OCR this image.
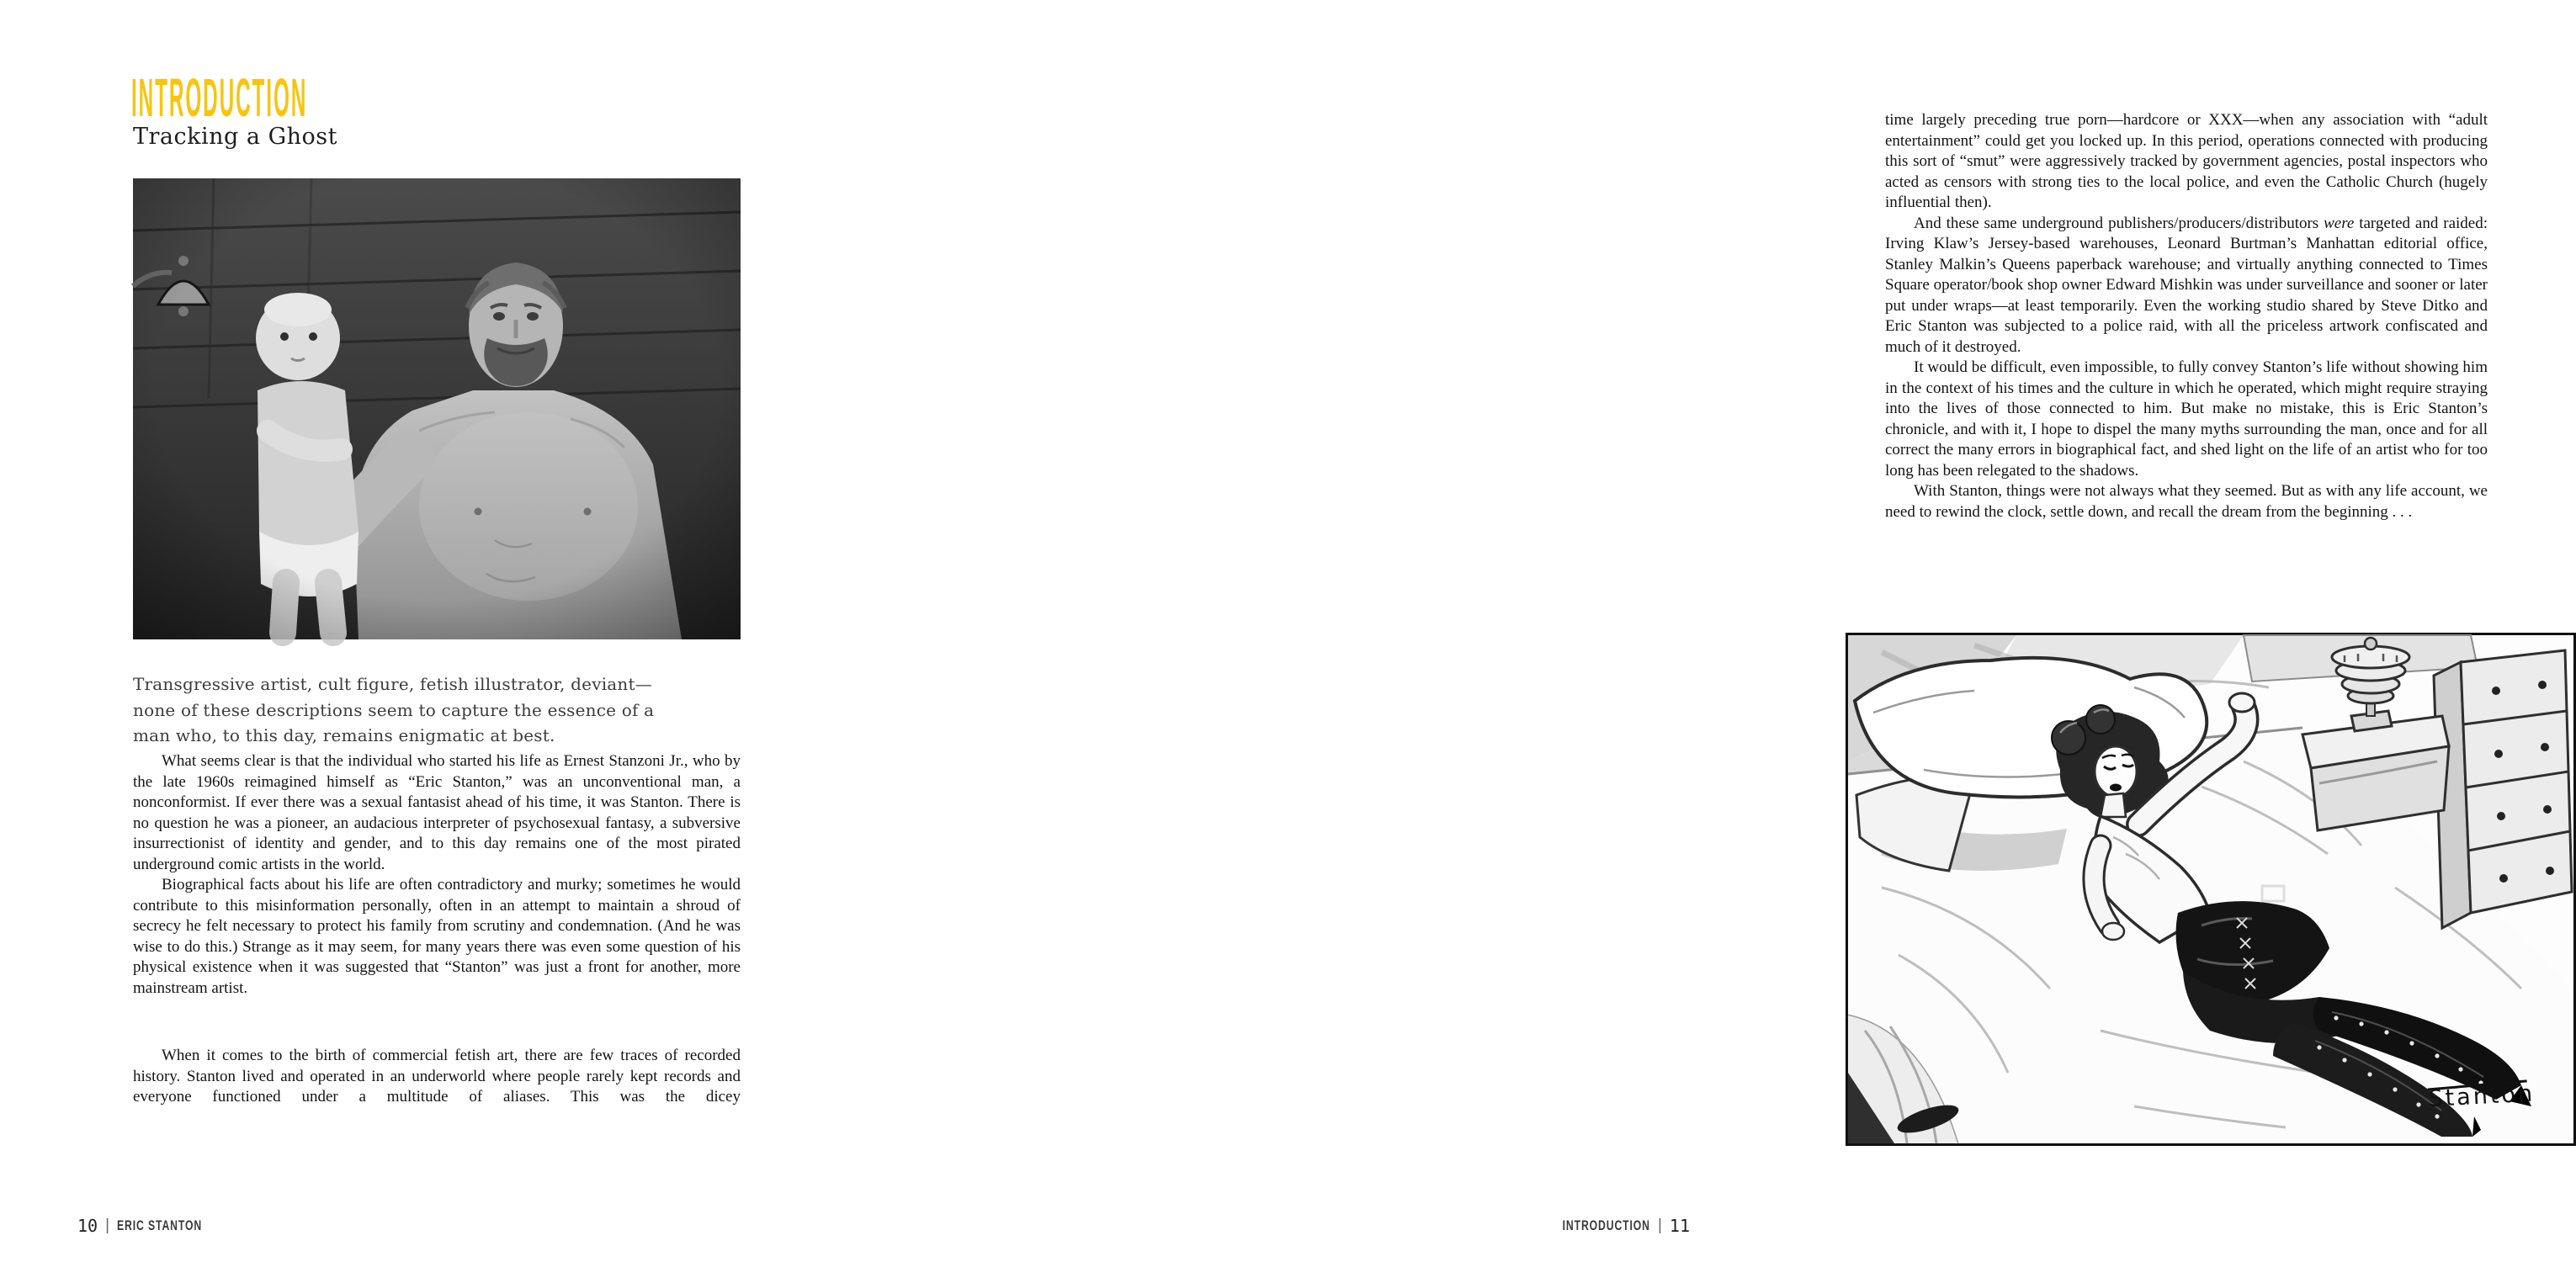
INTRODUCTION
Tracking a Ghost
Transgressive artist, cult figure, fetish illustrator, deviant—
none of these descriptions seem to capture the essence of a
man who, to this day, remains enigmatic at best.

What seems clear is that the individual who started his life as Ernest Stanzoni Jr., who by the late 1960s reimagined himself as “Eric Stanton,” was an unconventional man, a nonconformist. If ever there was a sexual fantasist ahead of his time, it was Stanton. There is no question he was a pioneer, an audacious interpreter of psychosexual fantasy, a subversive insurrectionist of identity and gender, and to this day remains one of the most pirated underground comic artists in the world.

Biographical facts about his life are often contradictory and murky; sometimes he would contribute to this misinformation personally, often in an attempt to maintain a shroud of secrecy he felt necessary to protect his family from scrutiny and condemnation. (And he was wise to do this.) Strange as it may seem, for many years there was even some question of his physical existence when it was suggested that “Stanton” was just a front for another, more mainstream artist.

When it comes to the birth of commercial fetish art, there are few traces of recorded history. Stanton lived and operated in an underworld where people rarely kept records and everyone functioned under a multitude of aliases. This was the dicey

10 | ERIC STANTON

time largely preceding true porn—hardcore or XXX—when any association with “adult entertainment” could get you locked up. In this period, operations connected with producing this sort of “smut” were aggressively tracked by government agencies, postal inspectors who acted as censors with strong ties to the local police, and even the Catholic Church (hugely influential then).

And these same underground publishers/producers/distributors were targeted and raided: Irving Klaw’s Jersey-based warehouses, Leonard Burtman’s Manhattan editorial office, Stanley Malkin’s Queens paperback warehouse; and virtually anything connected to Times Square operator/book shop owner Edward Mishkin was under surveillance and sooner or later put under wraps—at least temporarily. Even the working studio shared by Steve Ditko and Eric Stanton was subjected to a police raid, with all the priceless artwork confiscated and much of it destroyed.

It would be difficult, even impossible, to fully convey Stanton’s life without showing him in the context of his times and the culture in which he operated, which might require straying into the lives of those connected to him. But make no mistake, this is Eric Stanton’s chronicle, and with it, I hope to dispel the many myths surrounding the man, once and for all correct the many errors in biographical fact, and shed light on the life of an artist who for too long has been relegated to the shadows.

With Stanton, things were not always what they seemed. But as with any life account, we need to rewind the clock, settle down, and recall the dream from the beginning . . .

Stanton
INTRODUCTION | 11
